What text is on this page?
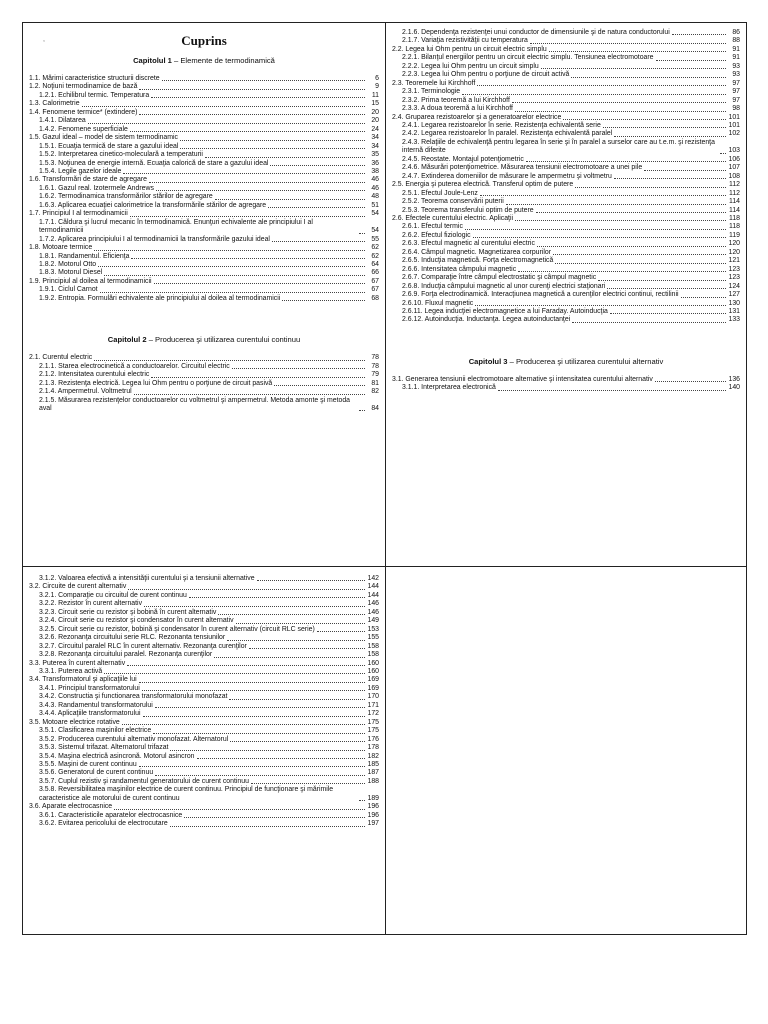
,	Cuprins
Capitolul 1 – Elemente de termodinamică
1.1. Mărimi caracteristice structurii discrete	6
1.2. Noţiuni termodinamice de bază	9
1.2.1. Echilibrul termic. Temperatura	11
1.3. Calorimetrie	15
1.4. Fenomene termice* (extindere)	20
1.4.1. Dilatarea	20
1.4.2. Fenomene superficiale	24
1.5. Gazul ideal – model de sistem termodinamic	34
1.5.1. Ecuaţia termică de stare a gazului ideal	34
1.5.2. Interpretarea cinetico-moleculară a temperaturii	35
1.5.3. Noţiunea de energie internă. Ecuaţia calorică de stare a gazului ideal	36
1.5.4. Legile gazelor ideale	38
1.6. Transformări de stare de agregare	46
1.6.1. Gazul real. Izotermele Andrews	46
1.6.2. Termodinamica transformărilor stărilor de agregare	48
1.6.3. Aplicarea ecuaţiei calorimetrice la transformările stărilor de agregare	51
1.7. Principiul I al termodinamicii	54
1.7.1. Căldura şi lucrul mecanic în termodinamică. Enunţuri echivalente ale principiului I al termodinamicii	54
1.7.2. Aplicarea principiului I al termodinamicii la transformările gazului ideal	55
1.8. Motoare termice	62
1.8.1. Randamentul. Eficienţa	62
1.8.2. Motorul Otto	64
1.8.3. Motorul Diesel	66
1.9. Principiul al doilea al termodinamicii	67
1.9.1. Ciclul Carnot	67
1.9.2. Entropia. Formulări echivalente ale principiului al doilea al termodinamicii	68
Capitolul 2 – Producerea şi utilizarea curentului continuu
2.1. Curentul electric	78
2.1.1. Starea electrocinetică a conductoarelor. Circuitul electric	78
2.1.2. Intensitatea curentului electric	79
2.1.3. Rezistenţa electrică. Legea lui Ohm pentru o porţiune de circuit pasivă	81
2.1.4. Ampermetrul. Voltmetrul	82
2.1.5. Măsurarea rezistenţelor conductoarelor cu voltmetrul şi ampermetrul. Metoda amonte şi metoda aval	84
2.1.6. Dependenţa rezistenţei unui conductor de dimensiunile şi de natura conductorului	86
2.1.7. Variaţia rezistivităţii cu temperatura	88
2.2. Legea lui Ohm pentru un circuit electric simplu	91
2.2.1. Bilanţul energiilor pentru un circuit electric simplu. Tensiunea electromotoare	91
2.2.2. Legea lui Ohm pentru un circuit simplu	93
2.2.3. Legea lui Ohm pentru o porţiune de circuit activă	93
2.3. Teoremele lui Kirchhoff	97
2.3.1. Terminologie	97
2.3.2. Prima teoremă a lui Kirchhoff	97
2.3.3. A doua teoremă a lui Kirchhoff	98
2.4. Gruparea rezistoarelor şi a generatoarelor electrice	101
2.4.1. Legarea rezistoarelor în serie. Rezistenţa echivalentă serie	101
2.4.2. Legarea rezistoarelor în paralel. Rezistenţa echivalentă paralel	102
2.4.3. Relaţiile de echivalenţă pentru legarea în serie şi în paralel a surselor care au t.e.m. şi rezistenţa internă diferite	103
2.4.5. Reostate. Montajul potenţiometric	106
2.4.6. Măsurări potenţiometrice. Măsurarea tensiunii electromotoare a unei pile	107
2.4.7. Extinderea domeniilor de măsurare le ampermetru şi voltmetru	108
2.5. Energia şi puterea electrică. Transferul optim de putere	112
2.5.1. Efectul Joule-Lenz	112
2.5.2. Teorema conservării puterii	114
2.5.3. Teorema transferului optim de putere	114
2.6. Efectele curentului electric. Aplicaţii	118
2.6.1. Efectul termic	118
2.6.2. Efectul fiziologic	119
2.6.3. Efectul magnetic al curentului electric	120
2.6.4. Câmpul magnetic. Magnetizarea corpurilor	120
2.6.5. Inducţia magnetică. Forţa electromagnetică	121
2.6.6. Intensitatea câmpului magnetic	123
2.6.7. Comparaţie între câmpul electrostatic şi câmpul magnetic	123
2.6.8. Inducţia câmpului magnetic al unor curenţi electrici staţionari	124
2.6.9. Forţa electrodinamică. Interacţiunea magnetică a curenţilor electrici continui, rectilinii	127
2.6.10. Fluxul magnetic	130
2.6.11. Legea inducţiei electromagnetice a lui Faraday. Autoinducţia	131
2.6.12. Autoinducţia. Inductanţa. Legea autoinductanţei	133
Capitolul 3 – Producerea şi utilizarea curentului alternativ
3.1. Generarea tensiunii electromotoare alternative şi intensitatea curentului alternativ	136
3.1.1. Interpretarea electronică	140
3.1.2. Valoarea efectivă a intensităţii curentului şi a tensiunii alternative	142
3.2. Circuite de curent alternativ	144
3.2.1. Comparaţie cu circuitul de curent continuu	144
3.2.2. Rezistor în curent alternativ	146
3.2.3. Circuit serie cu rezistor şi bobină în curent alternativ	146
3.2.4. Circuit serie cu rezistor şi condensator în curent alternativ	149
3.2.5. Circuit serie cu rezistor, bobină şi condensator în curent alternativ (circuit RLC serie)	153
3.2.6. Rezonanţa circuitului serie RLC. Rezonanta tensiunilor	155
3.2.7. Circuitul paralel RLC în curent alternativ. Rezonanţa curenţilor	158
3.2.8. Rezonanţa circuitului paralel. Rezonanţa curenţilor	158
3.3. Puterea în curent alternativ	160
3.3.1. Puterea activă	160
3.4. Transformatorul şi aplicaţiile lui	169
3.4.1. Principiul transformatorului	169
3.4.2. Constructia şi functionarea transformatorului monofazat	170
3.4.3. Randamentul transformatorului	171
3.4.4. Aplicaţiile transformatorului	172
3.5. Motoare electrice rotative	175
3.5.1. Clasificarea maşinilor electrice	175
3.5.2. Producerea curentului alternativ monofazat. Alternatorul	176
3.5.3. Sistemul trifazat. Alternatorul trifazat	178
3.5.4. Maşina electrică asincronă. Motorul asincron	182
3.5.5. Maşini de curent continuu	185
3.5.6. Generatorul de curent continuu	187
3.5.7. Cuplul rezistiv şi randamentul generatorului de curent continuu	188
3.5.8. Reversibilitatea maşinilor electrice de curent continuu. Principiul de funcţionare şi mărimile caracteristice ale motorului de curent continuu	189
3.6. Aparate electrocasnice	196
3.6.1. Caracteristicile aparatelor electrocasnice	196
3.6.2. Evitarea pericolului de electrocutare	197
